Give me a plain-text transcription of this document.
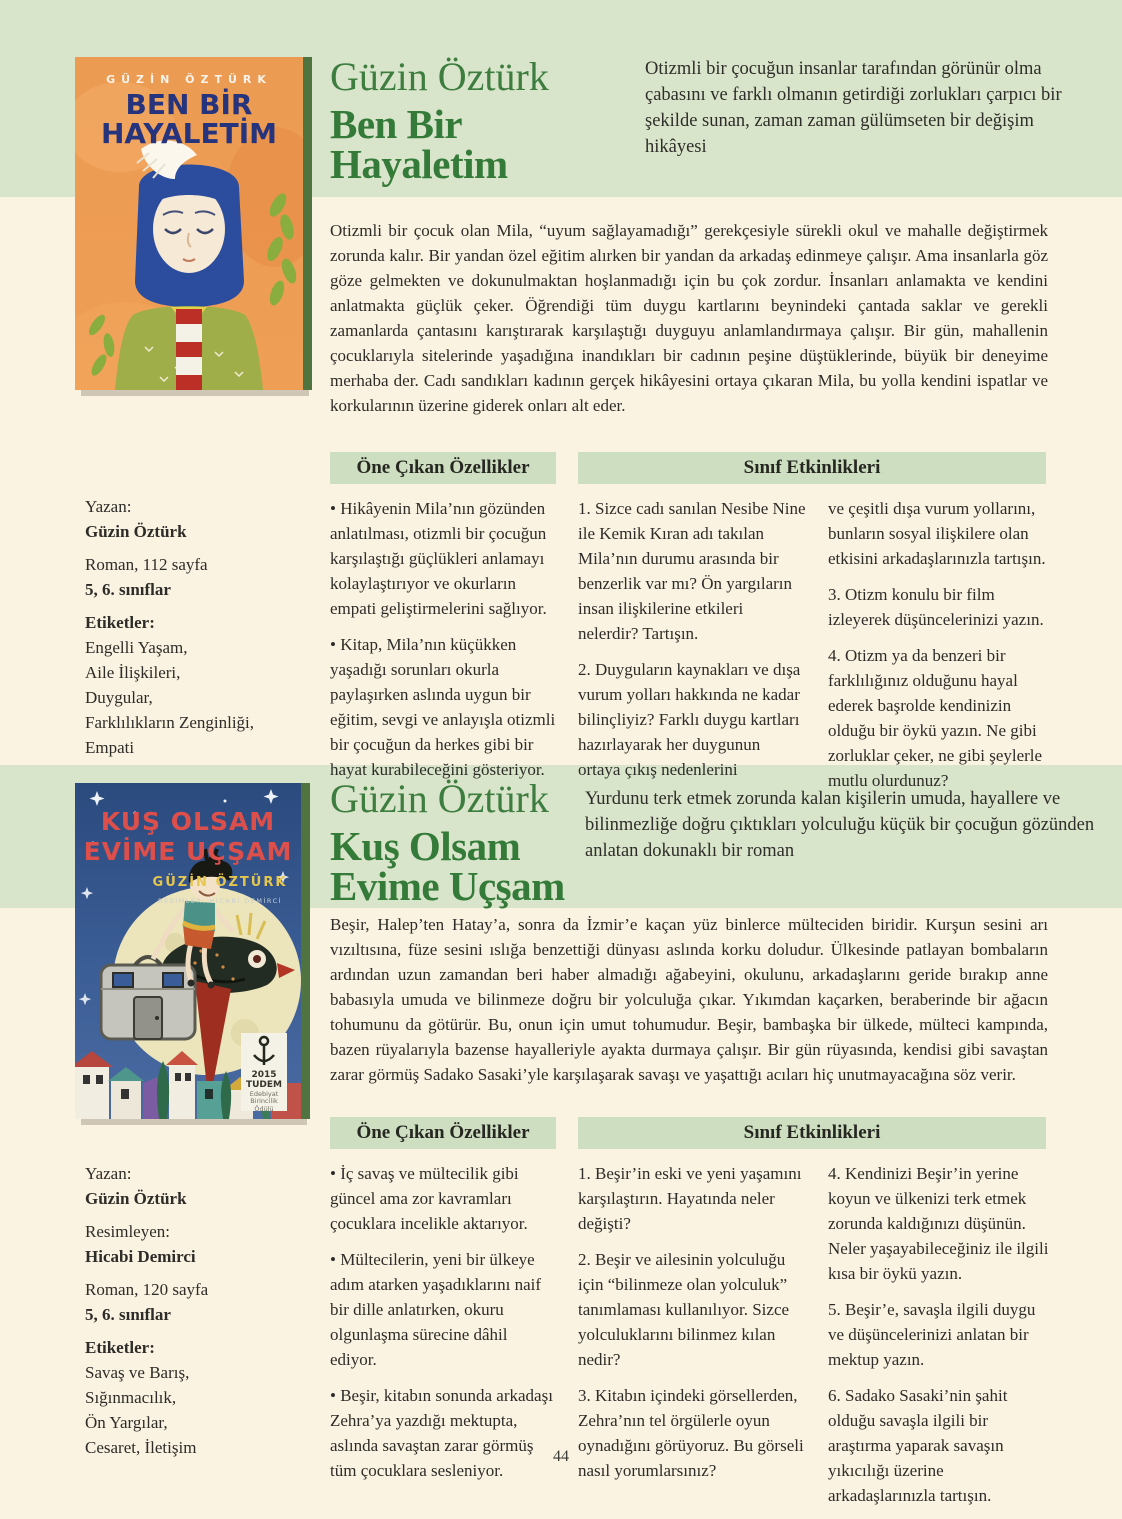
GÜZİN ÖZTÜRK
BEN BİR
HAYALETİM
Güzin Öztürk
Ben Bir
Hayaletim
Otizmli bir çocuğun insanlar tarafından görünür olma çabasını ve farklı olmanın getirdiği zorlukları çarpıcı bir şekilde sunan, zaman zaman gülümseten bir değişim hikâyesi
Otizmli bir çocuk olan Mila, “uyum sağlayamadığı” gerekçesiyle sürekli okul ve mahalle değiştirmek zorunda kalır. Bir yandan özel eğitim alırken bir yandan da arkadaş edinmeye çalışır. Ama insanlarla göz göze gelmekten ve dokunulmaktan hoşlanmadığı için bu çok zordur. İnsanları anlamakta ve kendini anlatmakta güçlük çeker. Öğrendiği tüm duygu kartlarını beynindeki çantada saklar ve gerekli zamanlarda çantasını karıştırarak karşılaştığı duyguyu anlamlandırmaya çalışır. Bir gün, mahallenin çocuklarıyla sitelerinde yaşadığına inandıkları bir cadının peşine düştüklerinde, büyük bir deneyime merhaba der. Cadı sandıkları kadının gerçek hikâyesini ortaya çıkaran Mila, bu yolla kendini ispatlar ve korkularının üzerine giderek onları alt eder.
Öne Çıkan Özellikler	Sınıf Etkinlikleri

• Hikâyenin Mila’nın gözünden anlatılması, otizmli bir çocuğun karşılaştığı güçlükleri anlamayı kolaylaştırıyor ve okurların empati geliştirmelerini sağlıyor.

• Kitap, Mila’nın küçükken yaşadığı sorunları okurla paylaşırken aslında uygun bir eğitim, sevgi ve anlayışla otizmli bir çocuğun da herkes gibi bir hayat kurabileceğini gösteriyor.

1. Sizce cadı sanılan Nesibe Nine ile Kemik Kıran adı takılan Mila’nın durumu arasında bir benzerlik var mı? Ön yargıların insan ilişkilerine etkileri nelerdir? Tartışın.

2. Duyguların kaynakları ve dışa vurum yolları hakkında ne kadar bilinçliyiz? Farklı duygu kartları hazırlayarak her duygunun ortaya çıkış nedenlerini

ve çeşitli dışa vurum yollarını, bunların sosyal ilişkilere olan etkisini arkadaşlarınızla tartışın.

3. Otizm konulu bir film izleyerek düşüncelerinizi yazın.

4. Otizm ya da benzeri bir farklılığınız olduğunu hayal ederek başrolde kendinizin olduğu bir öykü yazın. Ne gibi zorluklar çeker, ne gibi şeylerle mutlu olurdunuz?

Yazan:
Güzin Öztürk
Roman, 112 sayfa
5, 6. sınıflar
Etiketler:
Engelli Yaşam,
Aile İlişkileri,
Duygular,
Farklılıkların Zenginliği,
Empati
KUŞ OLSAM
EVİME UÇŞAM
GÜZİN ÖZTÜRK
RESİMLER: HİCABİ DEMİRCİ
2015
TUDEM
Edebiyat
Birincilik
Ödülü
Güzin Öztürk
Kuş Olsam
Evime Uçşam
Yurdunu terk etmek zorunda kalan kişilerin umuda, hayallere ve bilinmezliğe doğru çıktıkları yolculuğu küçük bir çocuğun gözünden anlatan dokunaklı bir roman
Beşir, Halep’ten Hatay’a, sonra da İzmir’e kaçan yüz binlerce mülteciden biridir. Kurşun sesini arı vızıltısına, füze sesini ıslığa benzettiği dünyası aslında korku doludur. Ülkesinde patlayan bombaların ardından uzun zamandan beri haber almadığı ağabeyini, okulunu, arkadaşlarını geride bırakıp anne babasıyla umuda ve bilinmeze doğru bir yolculuğa çıkar. Yıkımdan kaçarken, beraberinde bir ağacın tohumunu da götürür. Bu, onun için umut tohumudur. Beşir, bambaşka bir ülkede, mülteci kampında, bazen rüyalarıyla bazense hayalleriyle ayakta durmaya çalışır. Bir gün rüyasında, kendisi gibi savaştan zarar görmüş Sadako Sasaki’yle karşılaşarak savaşı ve yaşattığı acıları hiç unutmayacağına söz verir.
Öne Çıkan Özellikler	Sınıf Etkinlikleri

• İç savaş ve mültecilik gibi güncel ama zor kavramları çocuklara incelikle aktarıyor.

• Mültecilerin, yeni bir ülkeye adım atarken yaşadıklarını naif bir dille anlatırken, okuru olgunlaşma sürecine dâhil ediyor.

• Beşir, kitabın sonunda arkadaşı Zehra’ya yazdığı mektupta, aslında savaştan zarar görmüş tüm çocuklara sesleniyor.

1. Beşir’in eski ve yeni yaşamını karşılaştırın. Hayatında neler değişti?

2. Beşir ve ailesinin yolculuğu için “bilinmeze olan yolculuk” tanımlaması kullanılıyor. Sizce yolculuklarını bilinmez kılan nedir?

3. Kitabın içindeki görsellerden, Zehra’nın tel örgülerle oyun oynadığını görüyoruz. Bu görseli nasıl yorumlarsınız?

4. Kendinizi Beşir’in yerine koyun ve ülkenizi terk etmek zorunda kaldığınızı düşünün. Neler yaşayabileceğiniz ile ilgili kısa bir öykü yazın.

5. Beşir’e, savaşla ilgili duygu ve düşüncelerinizi anlatan bir mektup yazın.

6. Sadako Sasaki’nin şahit olduğu savaşla ilgili bir araştırma yaparak savaşın yıkıcılığı üzerine arkadaşlarınızla tartışın.

Yazan:
Güzin Öztürk
Resimleyen:
Hicabi Demirci
Roman, 120 sayfa
5, 6. sınıflar
Etiketler:
Savaş ve Barış,
Sığınmacılık,
Ön Yargılar,
Cesaret, İletişim	44
